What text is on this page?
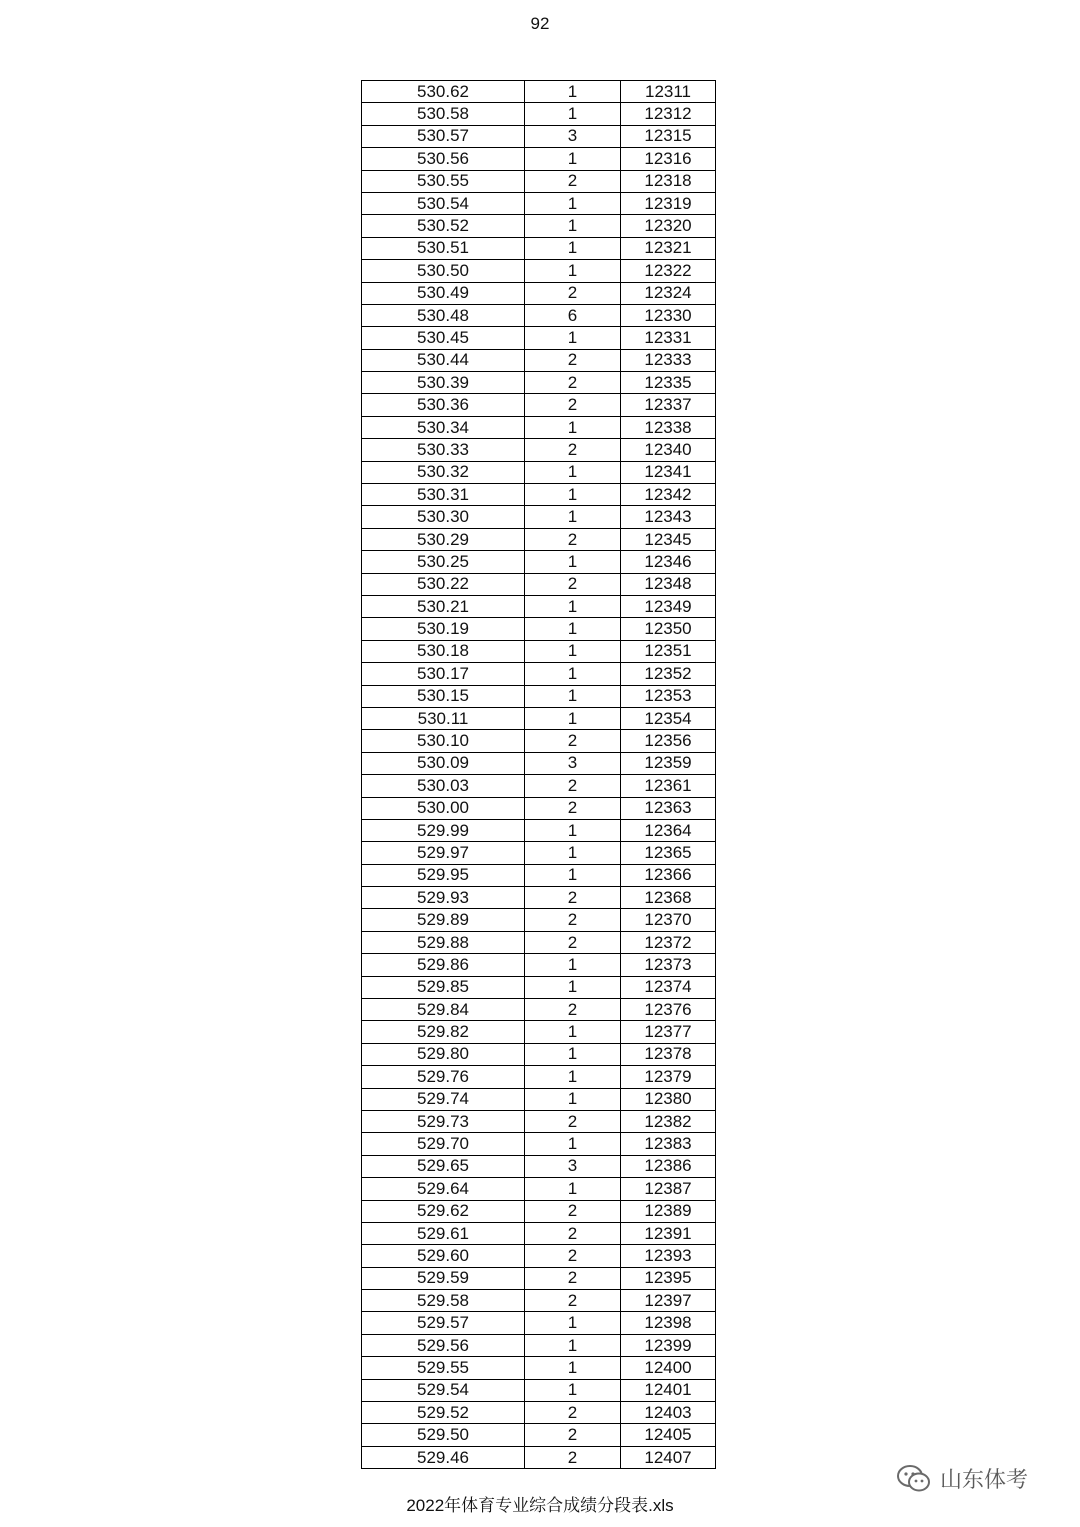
92
530.62	1	12311
530.58	1	12312
530.57	3	12315
530.56	1	12316
530.55	2	12318
530.54	1	12319
530.52	1	12320
530.51	1	12321
530.50	1	12322
530.49	2	12324
530.48	6	12330
530.45	1	12331
530.44	2	12333
530.39	2	12335
530.36	2	12337
530.34	1	12338
530.33	2	12340
530.32	1	12341
530.31	1	12342
530.30	1	12343
530.29	2	12345
530.25	1	12346
530.22	2	12348
530.21	1	12349
530.19	1	12350
530.18	1	12351
530.17	1	12352
530.15	1	12353
530.11	1	12354
530.10	2	12356
530.09	3	12359
530.03	2	12361
530.00	2	12363
529.99	1	12364
529.97	1	12365
529.95	1	12366
529.93	2	12368
529.89	2	12370
529.88	2	12372
529.86	1	12373
529.85	1	12374
529.84	2	12376
529.82	1	12377
529.80	1	12378
529.76	1	12379
529.74	1	12380
529.73	2	12382
529.70	1	12383
529.65	3	12386
529.64	1	12387
529.62	2	12389
529.61	2	12391
529.60	2	12393
529.59	2	12395
529.58	2	12397
529.57	1	12398
529.56	1	12399
529.55	1	12400
529.54	1	12401
529.52	2	12403
529.50	2	12405
529.46	2	12407
山东体考
2022年体育专业综合成绩分段表.xls
